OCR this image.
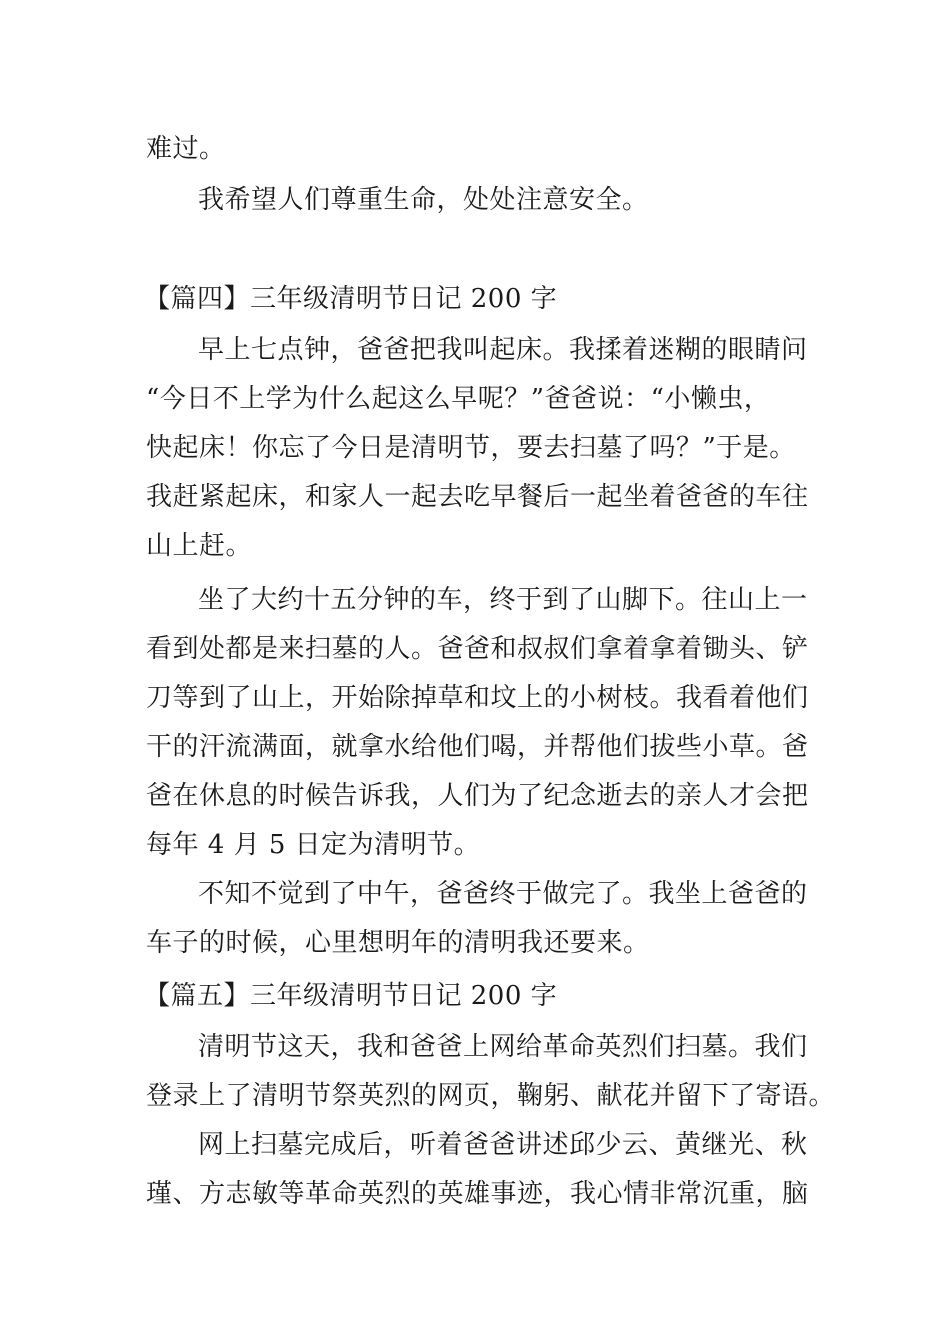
难过。
我希望人们尊重生命，处处注意安全。
【篇四】三年级清明节日记 200 字
早上七点钟，爸爸把我叫起床。我揉着迷糊的眼睛问
“今日不上学为什么起这么早呢？”爸爸说：“小懒虫，
快起床！你忘了今日是清明节，要去扫墓了吗？”于是。
我赶紧起床，和家人一起去吃早餐后一起坐着爸爸的车往
山上赶。
坐了大约十五分钟的车，终于到了山脚下。往山上一
看到处都是来扫墓的人。爸爸和叔叔们拿着拿着锄头、铲
刀等到了山上，开始除掉草和坟上的小树枝。我看着他们
干的汗流满面，就拿水给他们喝，并帮他们拔些小草。爸
爸在休息的时候告诉我，人们为了纪念逝去的亲人才会把
每年 4 月 5 日定为清明节。
不知不觉到了中午，爸爸终于做完了。我坐上爸爸的
车子的时候，心里想明年的清明我还要来。
【篇五】三年级清明节日记 200 字
清明节这天，我和爸爸上网给革命英烈们扫墓。我们
登录上了清明节祭英烈的网页，鞠躬、献花并留下了寄语。
网上扫墓完成后，听着爸爸讲述邱少云、黄继光、秋
瑾、方志敏等革命英烈的英雄事迹，我心情非常沉重，脑
